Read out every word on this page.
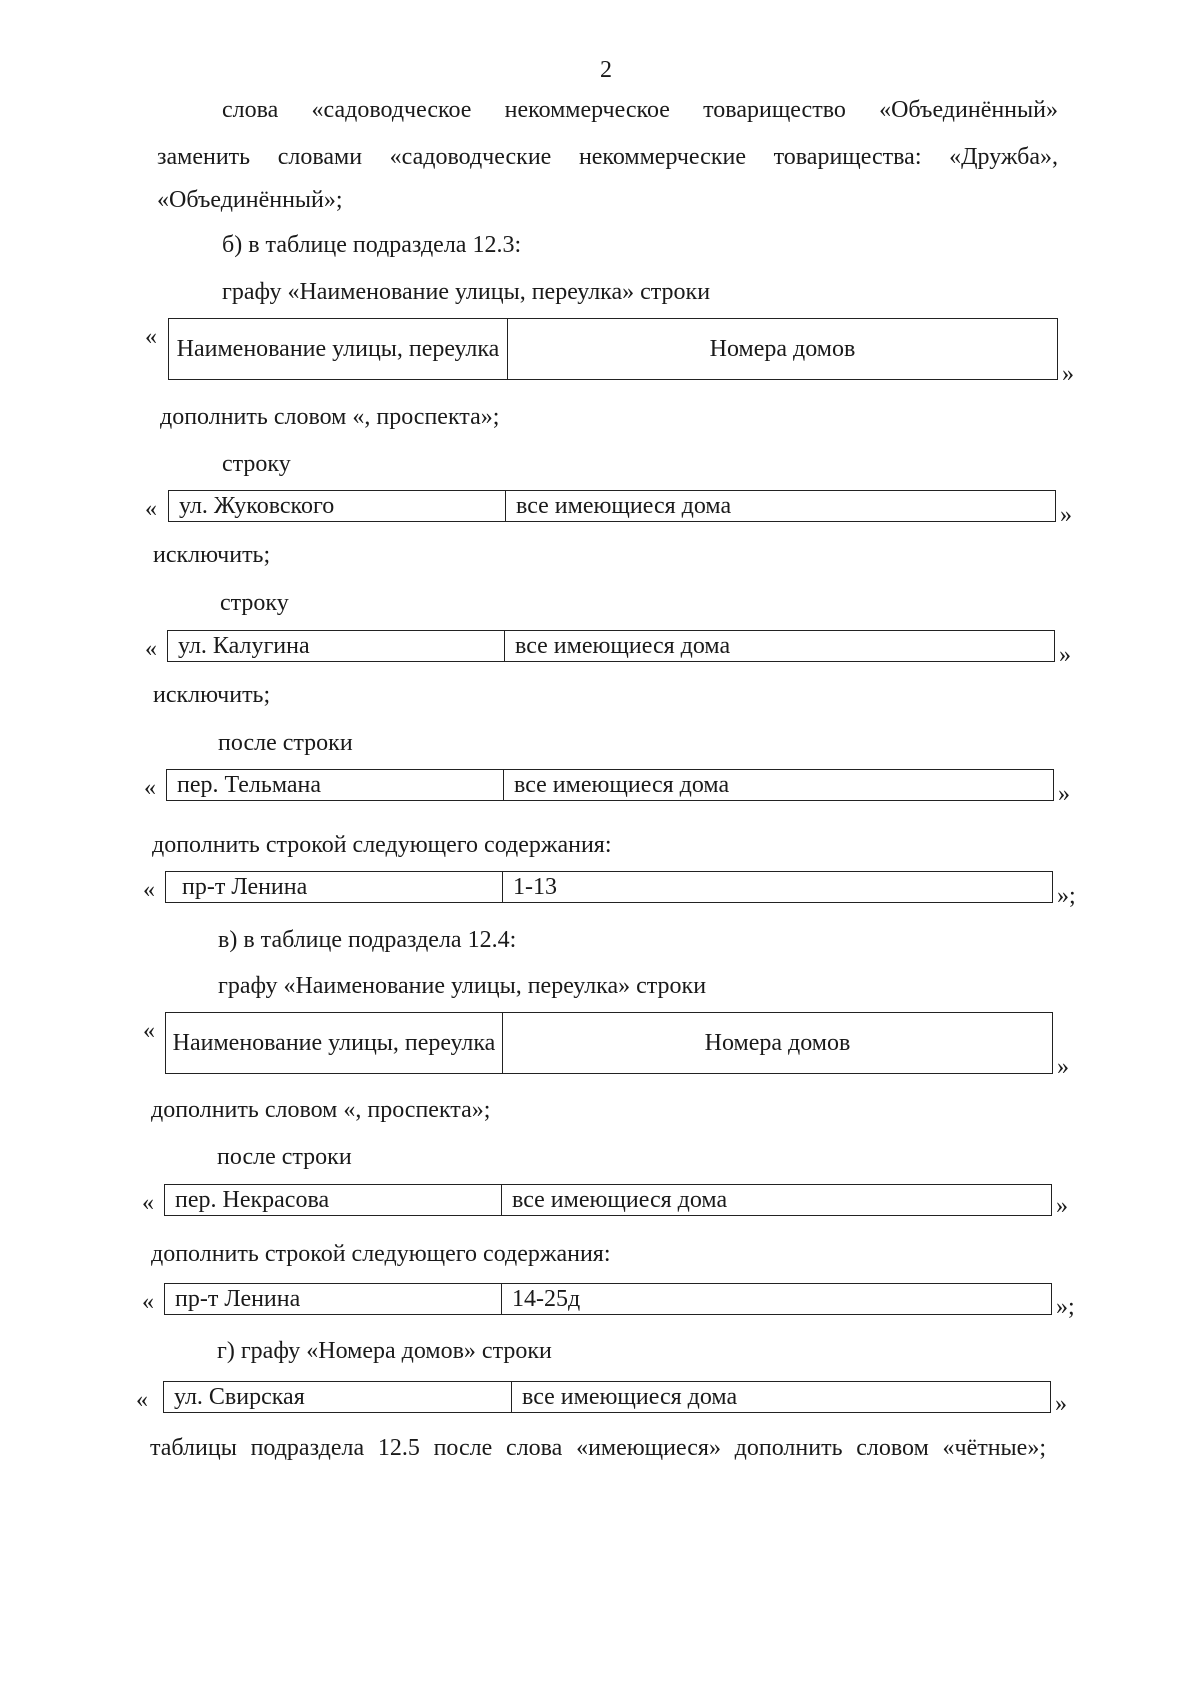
2
слова «садоводческое некоммерческое товарищество «Объединённый»
заменить словами «садоводческие некоммерческие товарищества: «Дружба»,
«Объединённый»;
б) в таблице подраздела 12.3:
графу «Наименование улицы, переулка» строки
« Наименование улицы, переулка	Номера домов
»
дополнить словом «, проспекта»;
строку
« ул. Жуковского	все имеющиеся дома	»
исключить;
строку
« ул. Калугина	все имеющиеся дома	»
исключить;
после строки
« пер. Тельмана	все имеющиеся дома	»
дополнить строкой следующего содержания:
«	пр-т Ленина	1-13	»;
в) в таблице подраздела 12.4:
графу «Наименование улицы, переулка» строки
« Наименование улицы, переулка	Номера домов
»
дополнить словом «, проспекта»;
после строки
« пер. Некрасова	все имеющиеся дома	»
дополнить строкой следующего содержания:
« пр-т Ленина	14-25д	»;
г) графу «Номера домов» строки
«	ул. Свирская	все имеющиеся дома	»
таблицы подраздела 12.5 после слова «имеющиеся» дополнить словом «чётные»;
